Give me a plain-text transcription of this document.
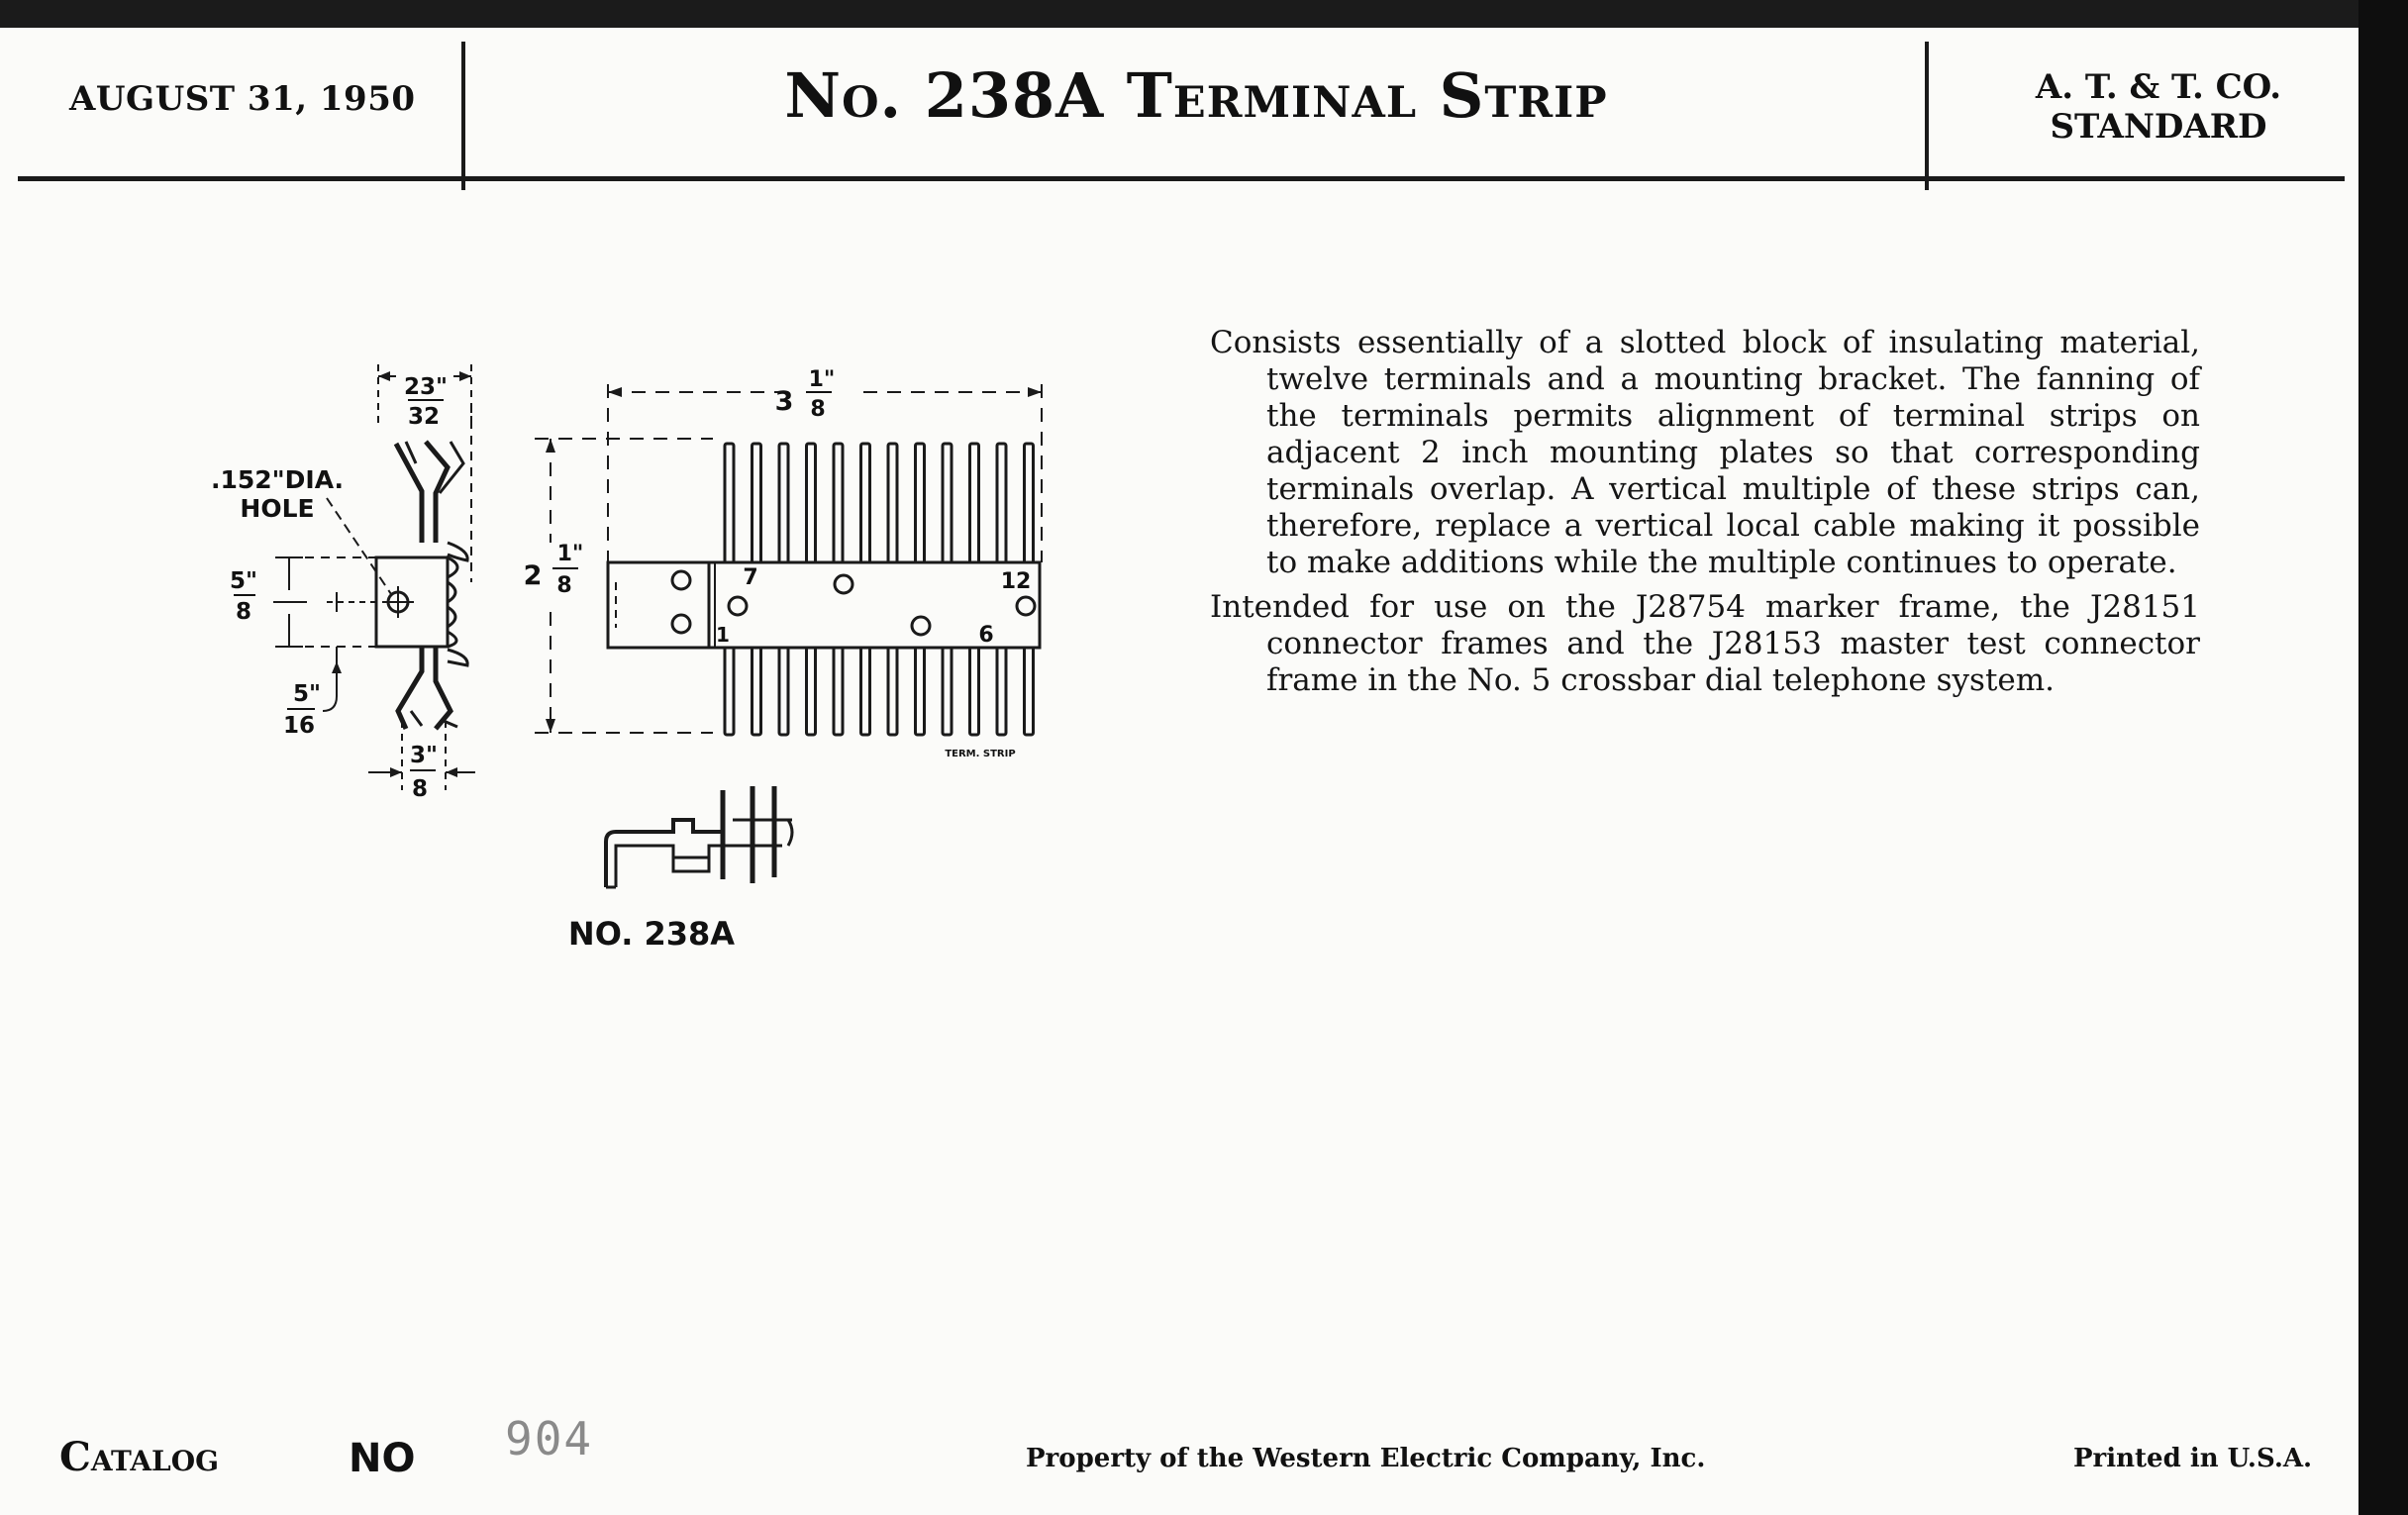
AUGUST 31, 1950	No. 238A Terminal Strip	A. T. & T. CO.
STANDARD
23"
32
.152"DIA.
HOLE
5"
8
5"
16
3"
8
3
1"
8
2
1"
8	7	12
1	6
TERM. STRIP
NO. 238A

Consists essentially of a slotted block of insulating material, twelve terminals and a mounting bracket. The fanning of the terminals permits alignment of terminal strips on adjacent 2 inch mounting plates so that corresponding terminals overlap. A vertical multiple of these strips can, therefore, replace a vertical local cable making it possible to make additions while the multiple continues to operate.

Intended for use on the J28754 marker frame, the J28151 connector frames and the J28153 master test connector frame in the No. 5 crossbar dial telephone system.

Catalog	NO 904	Property of the Western Electric Company, Inc.	Printed in U.S.A.
